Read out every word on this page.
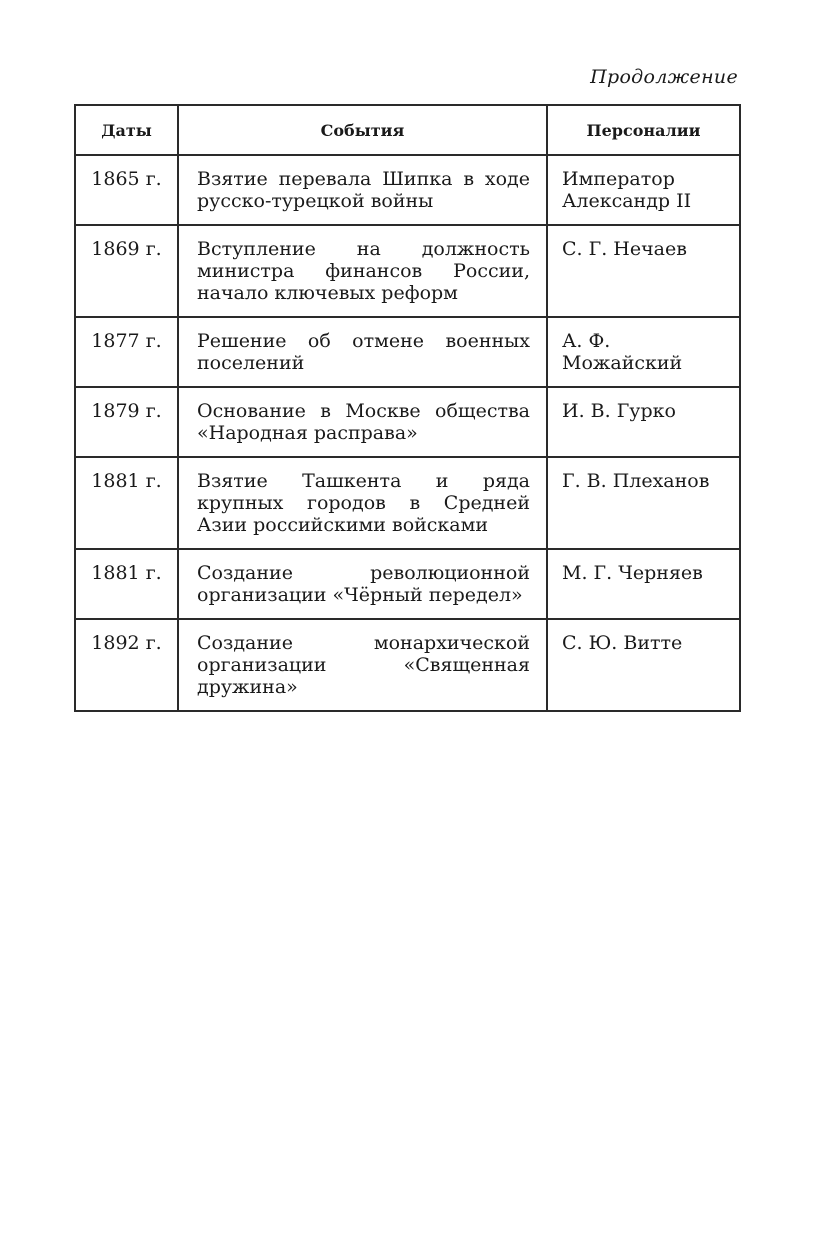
Продолжение
Даты	События	Персоналии
1865 г.	Взятие перевала Шипка в ходе русско-турецкой войны	Император Александр II
1869 г.	Вступление на должность министра финансов России, начало ключевых реформ	С. Г. Нечаев
1877 г.	Решение об отмене военных поселений	А. Ф. Можайский
1879 г.	Основание в Москве общества «Народная расправа»	И. В. Гурко
1881 г.	Взятие Ташкента и ряда крупных городов в Средней Азии российскими войсками	Г. В. Плеханов
1881 г.	Создание революционной организации «Чёрный передел»	М. Г. Черняев
1892 г.	Создание монархической организации «Священная дружина»	С. Ю. Витте
